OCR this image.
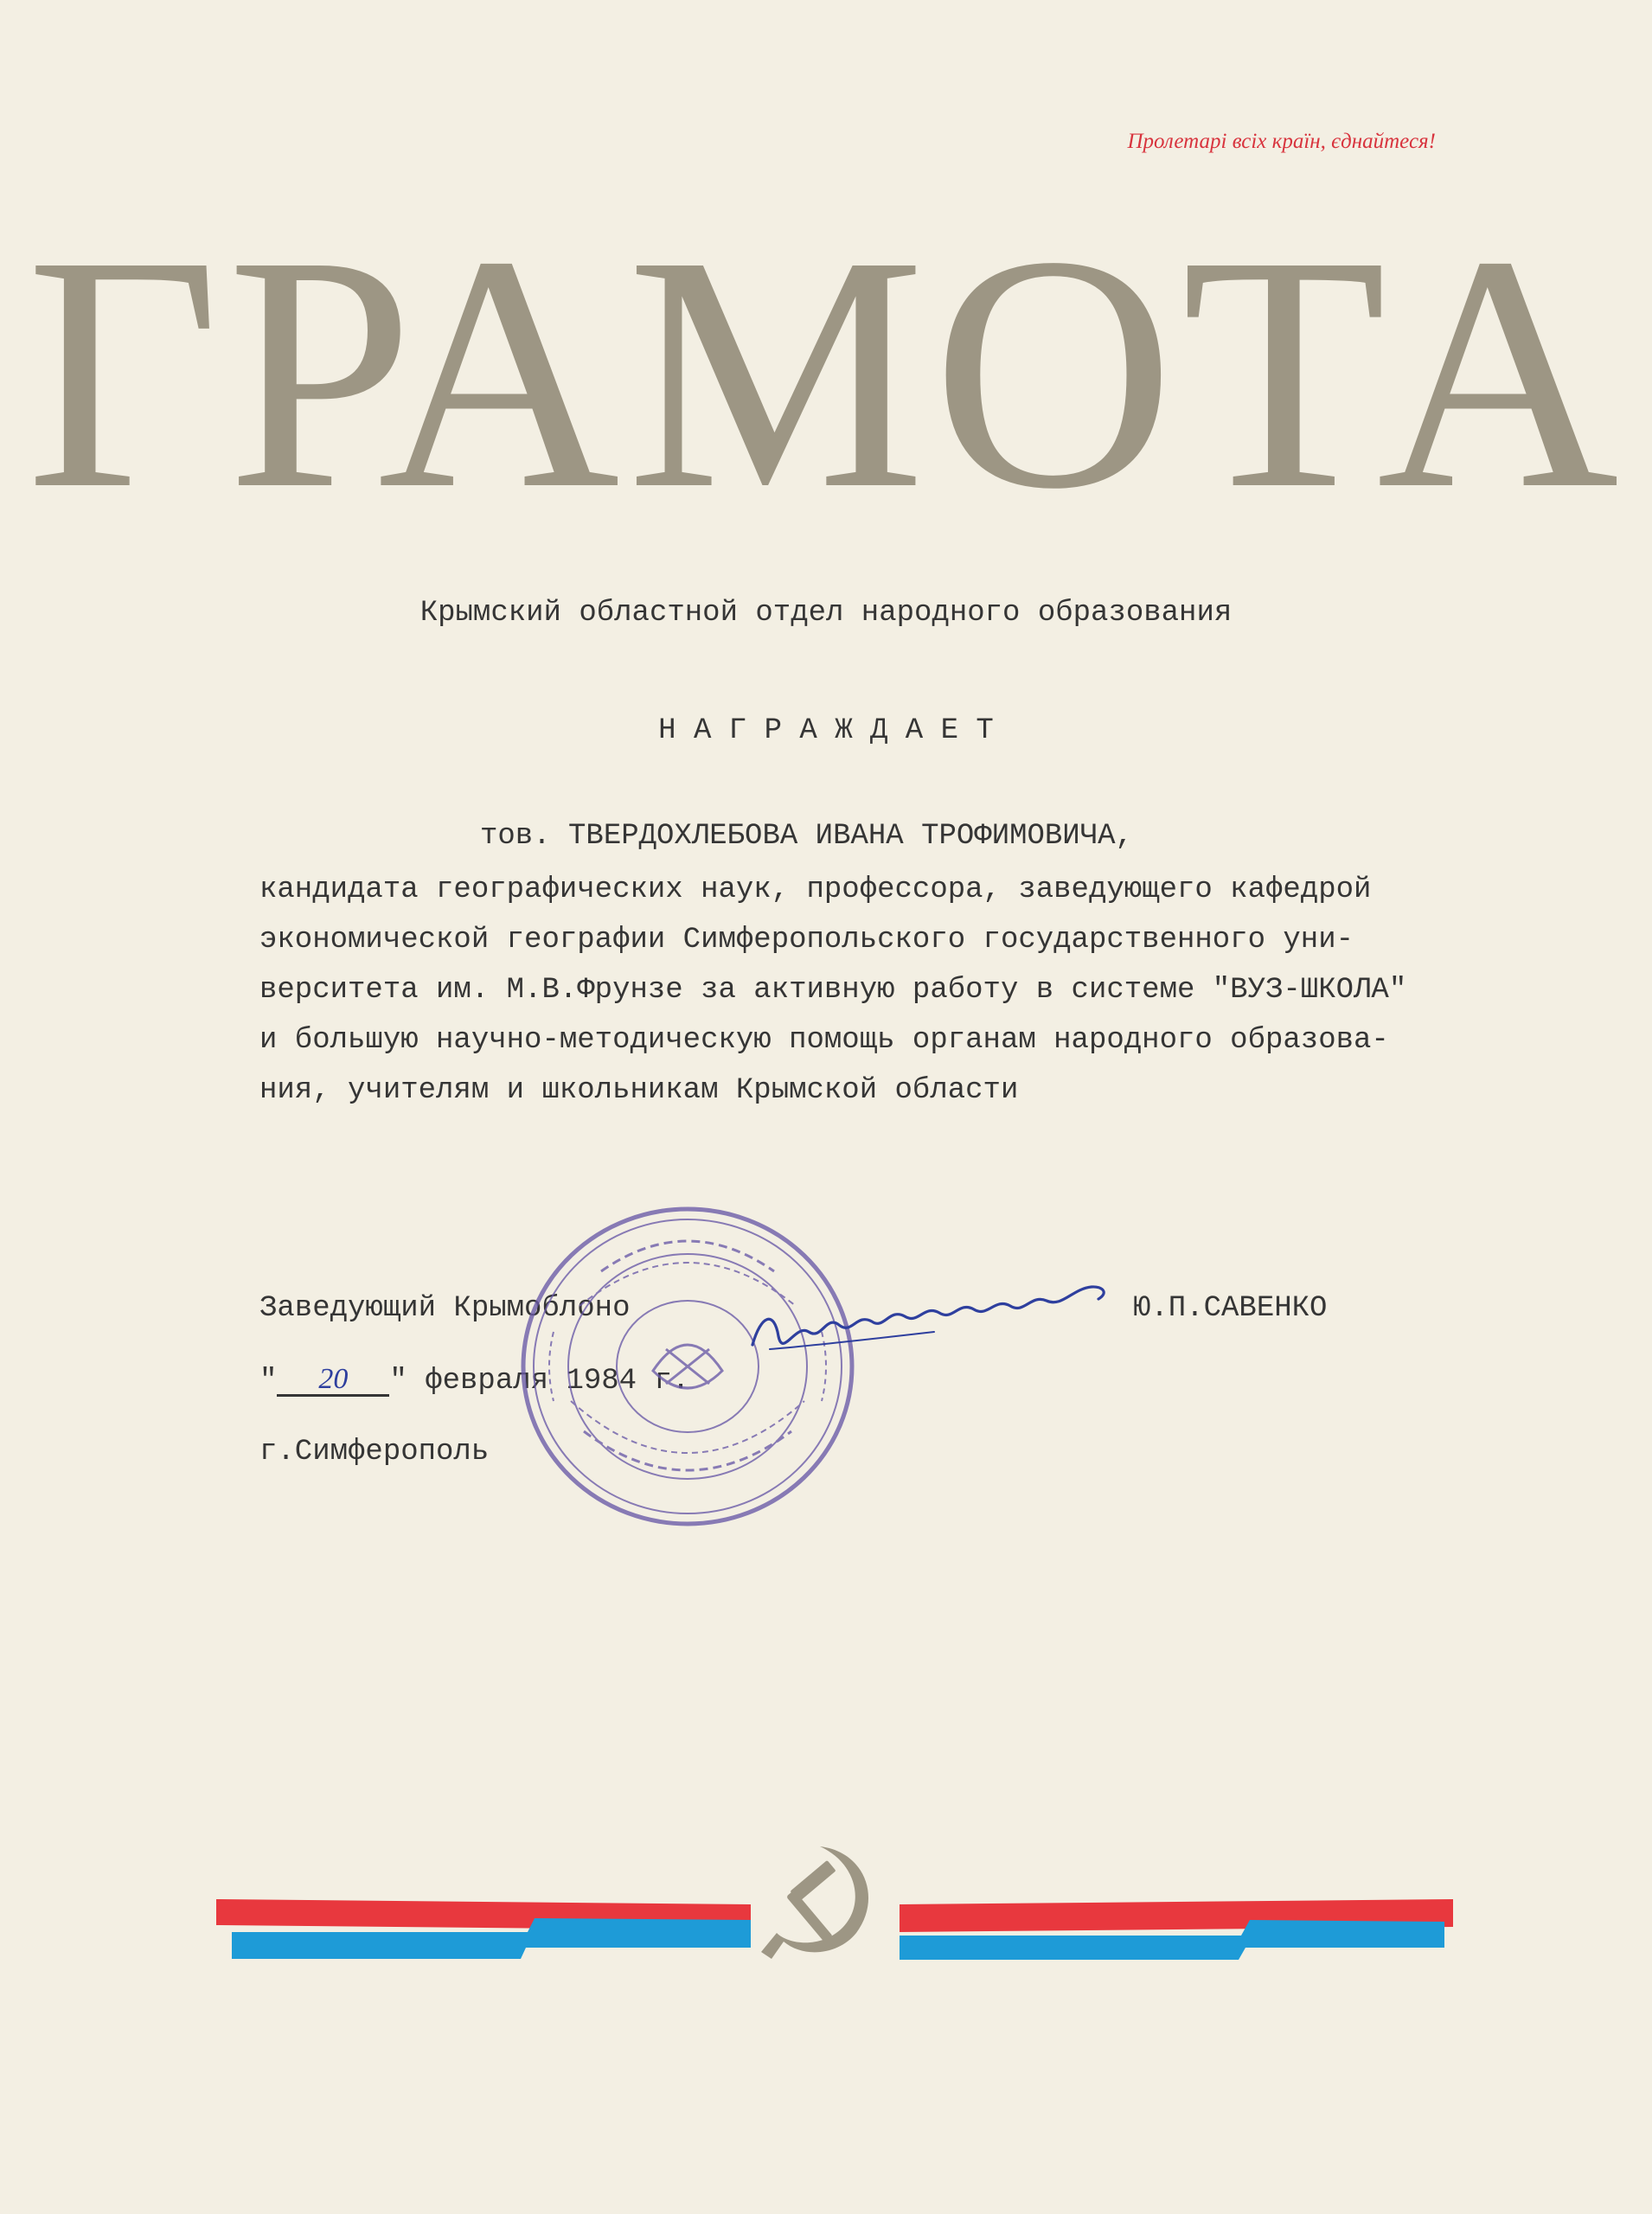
Пролетарі всіх країн, єднайтеся!
ГРАМОТА
Крымский областной отдел народного образования
Н А Г Р А Ж Д А Е Т
тов. ТВЕРДОХЛЕБОВА ИВАНА ТРОФИМОВИЧА,
кандидата географических наук, профессора, заведующего кафедрой
экономической географии Симферопольского государственного уни-
верситета им. М.В.Фрунзе за активную работу в системе "ВУЗ-ШКОЛА"
и большую научно-методическую помощь органам народного образова-
ния, учителям и школьникам Крымской области
Заведующий Крымоблоно	Ю.П.САВЕНКО
" 20 " февраля 1984 г.
г.Симферополь
